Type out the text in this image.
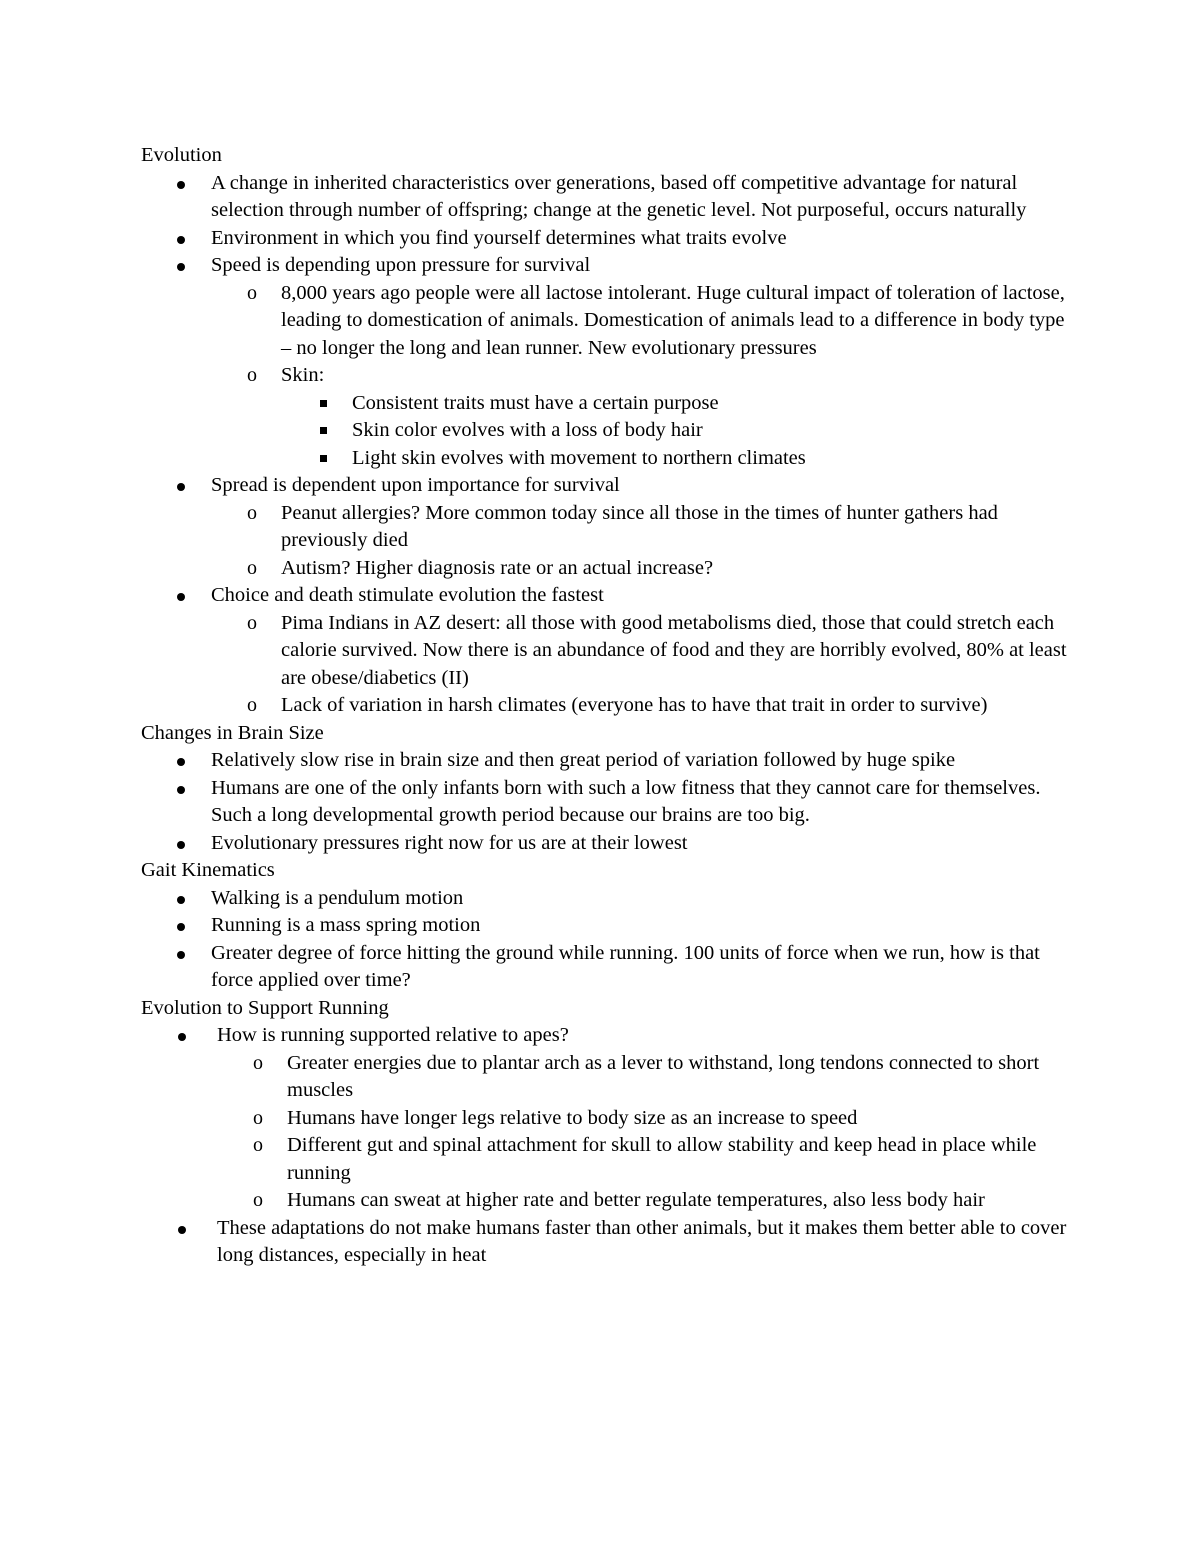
Evolution
A change in inherited characteristics over generations, based off competitive advantage for natural selection through number of offspring; change at the genetic level. Not purposeful, occurs naturally
Environment in which you find yourself determines what traits evolve
Speed is depending upon pressure for survival
o 8,000 years ago people were all lactose intolerant. Huge cultural impact of toleration of lactose, leading to domestication of animals. Domestication of animals lead to a difference in body type – no longer the long and lean runner. New evolutionary pressures
o Skin:
Consistent traits must have a certain purpose
Skin color evolves with a loss of body hair
Light skin evolves with movement to northern climates
Spread is dependent upon importance for survival
o Peanut allergies? More common today since all those in the times of hunter gathers had previously died
o Autism? Higher diagnosis rate or an actual increase?
Choice and death stimulate evolution the fastest
o Pima Indians in AZ desert: all those with good metabolisms died, those that could stretch each calorie survived. Now there is an abundance of food and they are horribly evolved, 80% at least are obese/diabetics (II)
o Lack of variation in harsh climates (everyone has to have that trait in order to survive)
Changes in Brain Size
Relatively slow rise in brain size and then great period of variation followed by huge spike
Humans are one of the only infants born with such a low fitness that they cannot care for themselves. Such a long developmental growth period because our brains are too big.
Evolutionary pressures right now for us are at their lowest
Gait Kinematics
Walking is a pendulum motion
Running is a mass spring motion
Greater degree of force hitting the ground while running. 100 units of force when we run, how is that force applied over time?
Evolution to Support Running
How is running supported relative to apes?
o Greater energies due to plantar arch as a lever to withstand, long tendons connected to short muscles
o Humans have longer legs relative to body size as an increase to speed
o Different gut and spinal attachment for skull to allow stability and keep head in place while running
o Humans can sweat at higher rate and better regulate temperatures, also less body hair
These adaptations do not make humans faster than other animals, but it makes them better able to cover long distances, especially in heat
